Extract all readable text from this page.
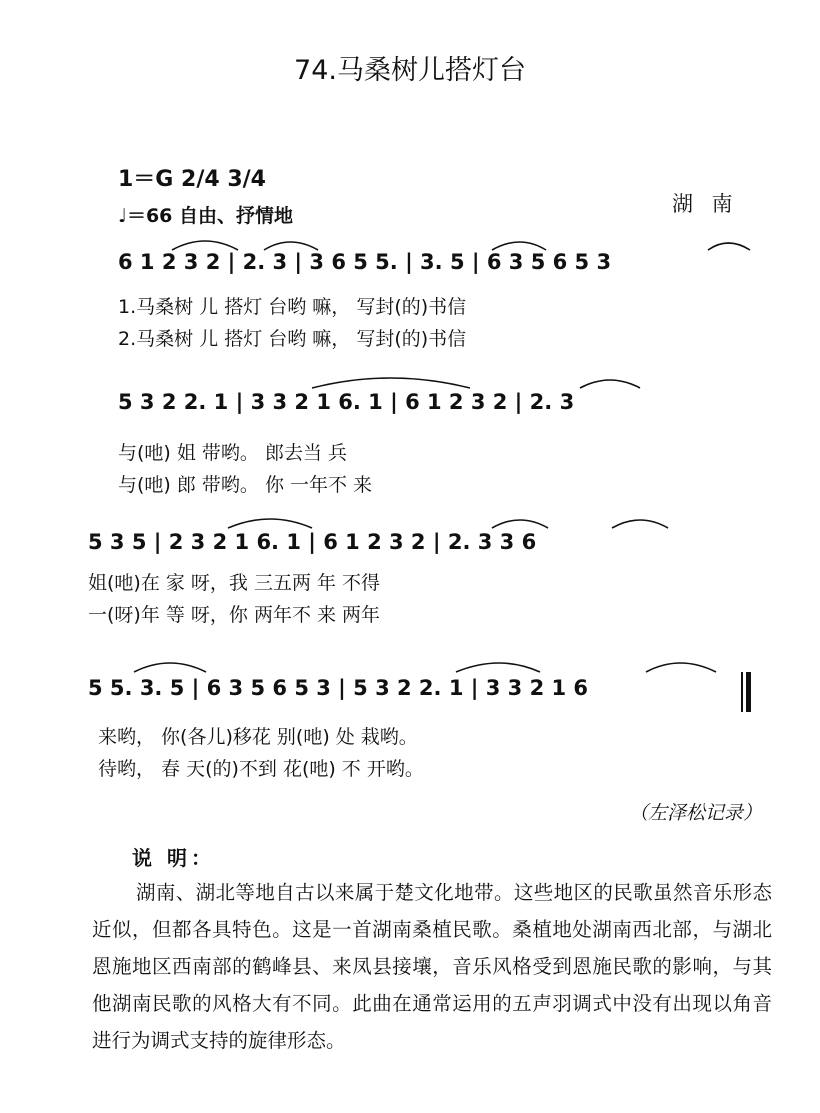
74.马桑树儿搭灯台
1＝G 2/4 3/4
♩＝66 自由、抒情地	湖 南
6 1 2 3 2 | 2. 3 | 3 6 5 5. | 3. 5 | 6 3 5 6 5 3
1.马桑树 儿 搭灯 台哟 嘛， 写封(的)书信
2.马桑树 儿 搭灯 台哟 嘛， 写封(的)书信
5 3 2 2. 1 | 3 3 2 1 6. 1 | 6 1 2 3 2 | 2. 3
与(吔) 姐 带哟。 郎去当 兵
与(吔) 郎 带哟。 你 一年不 来
5 3 5 | 2 3 2 1 6. 1 | 6 1 2 3 2 | 2. 3 3 6
姐(吔)在 家 呀，我 三五两 年 不得
一(呀)年 等 呀，你 两年不 来 两年
5 5. 3. 5 | 6 3 5 6 5 3 | 5 3 2 2. 1 | 3 3 2 1 6
来哟， 你(各儿)移花 别(吔) 处 栽哟。
待哟， 春 天(的)不到 花(吔) 不 开哟。
（左泽松记录）
说 明：
湖南、湖北等地自古以来属于楚文化地带。这些地区的民歌虽然音乐形态近似，但都各具特色。这是一首湖南桑植民歌。桑植地处湖南西北部，与湖北恩施地区西南部的鹤峰县、来凤县接壤，音乐风格受到恩施民歌的影响，与其他湖南民歌的风格大有不同。此曲在通常运用的五声羽调式中没有出现以角音进行为调式支持的旋律形态。
